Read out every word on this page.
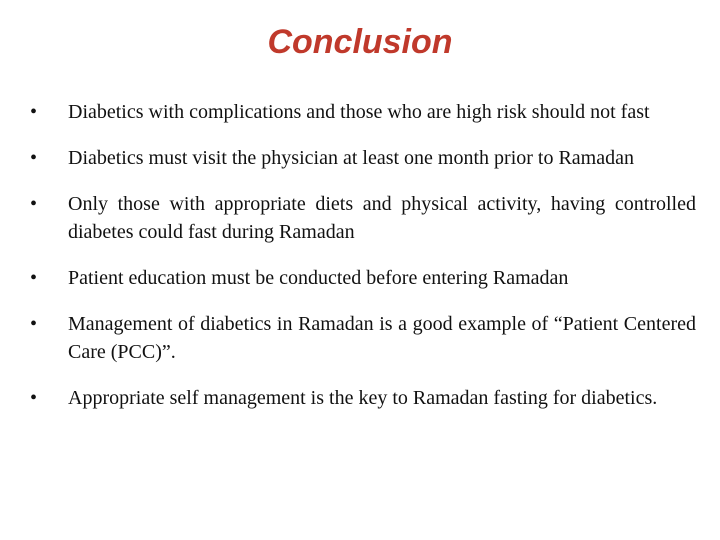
Conclusion
•	Diabetics with complications and those who are high risk should not fast
•	Diabetics must visit the physician at least one month prior to Ramadan
•	Only those with appropriate diets and physical activity, having controlled diabetes could fast during Ramadan
•	Patient education must be conducted before entering Ramadan
•	Management of diabetics in Ramadan is a good example of “Patient Centered Care (PCC)”.
•	Appropriate self management is the key to Ramadan fasting for diabetics.
